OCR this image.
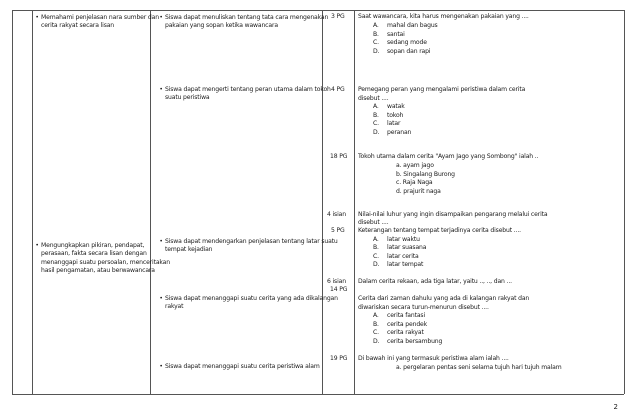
• Memahami penjelasan nara sumber dan
cerita rakyat secara lisan
• Mengungkapkan pikiran, pendapat,
perasaan, fakta secara lisan dengan
menanggapi suatu persoalan, menceritakan
hasil pengamatan, atau berwawancara
• Siswa dapat menuliskan tentang tata cara mengenakan
pakaian yang sopan ketika wawancara
• Siswa dapat mengerti tentang peran utama dalam tokoh
suatu peristiwa
• Siswa dapat mendengarkan penjelasan tentang latar suatu
tempat kejadian
• Siswa dapat menanggapi suatu cerita yang ada dikalangan
rakyat
• Siswa dapat menanggapi suatu cerita peristiwa alam
3 PG
4 PG
18 PG
4 isian
5 PG
6 isian
14 PG
19 PG
Saat wawancara, kita harus mengenakan pakaian yang ....
A. mahal dan bagus
B. santai
C. sedang mode
D. sopan dan rapi
Pemegang peran yang mengalami peristiwa dalam cerita
disebut ....
A. watak
B. tokoh
C. latar
D. peranan
Tokoh utama dalam cerita "Ayam Jago yang Sombong" ialah ..
a. ayam jago
b. Singalang Burong
c. Raja Naga
d. prajurit naga
Nilai-nilai luhur yang ingin disampaikan pengarang melalui cerita
disebut ....
Keterangan tentang tempat terjadinya cerita disebut ....
A. latar waktu
B. latar suasana
C. latar cerita
D. latar tempat
Dalam cerita rekaan, ada tiga latar, yaitu .., .., dan ...
Cerita dari zaman dahulu yang ada di kalangan rakyat dan
diwariskan secara turun-menurun disebut ....
A. cerita fantasi
B. cerita pendek
C. cerita rakyat
D. cerita bersambung
Di bawah ini yang termasuk peristiwa alam ialah ....
a. pergelaran pentas seni selama tujuh hari tujuh malam
2
